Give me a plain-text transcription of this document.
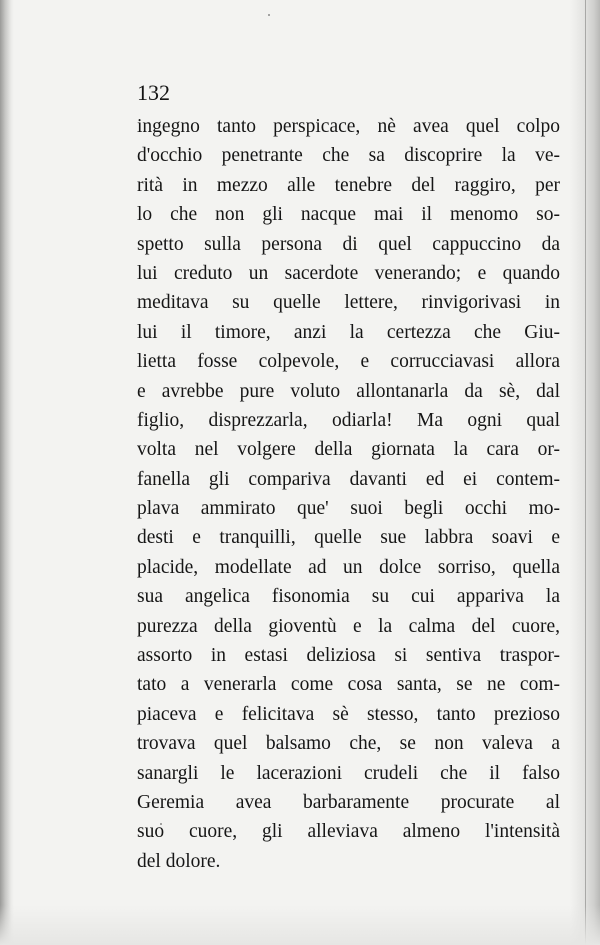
132
ingegno tanto perspicace, nè avea quel colpo
d'occhio penetrante che sa discoprire la ve-
rità in mezzo alle tenebre del raggiro, per
lo che non gli nacque mai il menomo so-
spetto sulla persona di quel cappuccino da
lui creduto un sacerdote venerando; e quando
meditava su quelle lettere, rinvigorivasi in
lui il timore, anzi la certezza che Giu-
lietta fosse colpevole, e corrucciavasi allora
e avrebbe pure voluto allontanarla da sè, dal
figlio, disprezzarla, odiarla! Ma ogni qual
volta nel volgere della giornata la cara or-
fanella gli compariva davanti ed ei contem-
plava ammirato que' suoi begli occhi mo-
desti e tranquilli, quelle sue labbra soavi e
placide, modellate ad un dolce sorriso, quella
sua angelica fisonomia su cui appariva la
purezza della gioventù e la calma del cuore,
assorto in estasi deliziosa si sentiva traspor-
tato a venerarla come cosa santa, se ne com-
piaceva e felicitava sè stesso, tanto prezioso
trovava quel balsamo che, se non valeva a
sanargli le lacerazioni crudeli che il falso
Geremia avea barbaramente procurate al
suo cuore, gli alleviava almeno l'intensità
del dolore.
